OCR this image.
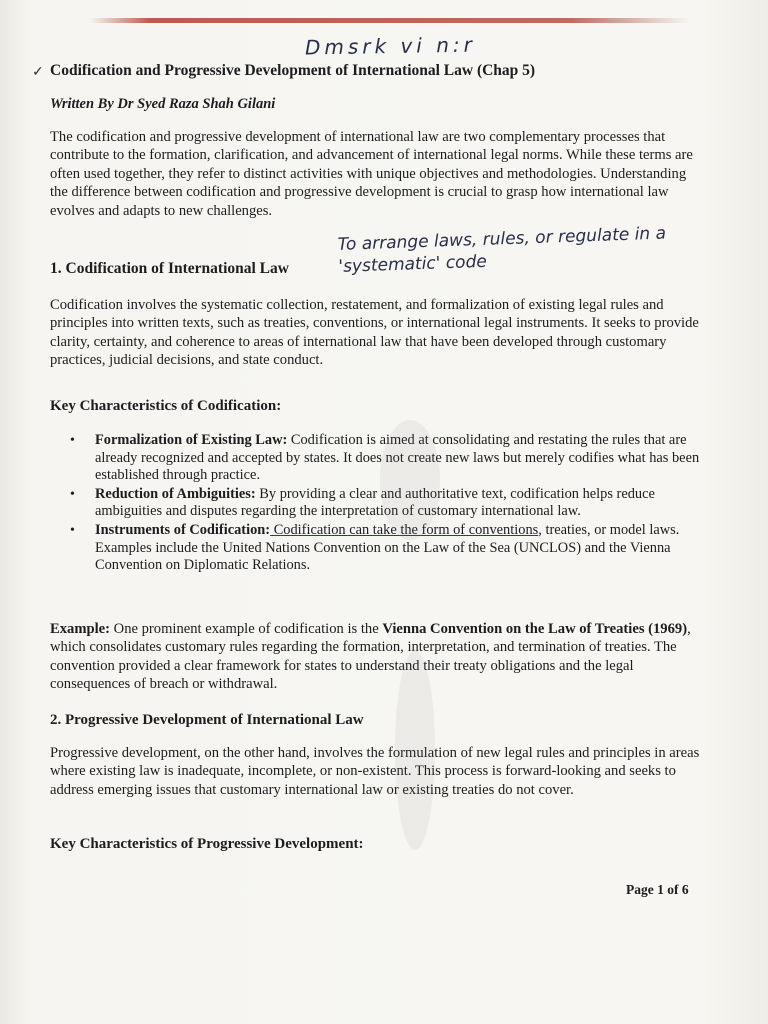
Dmsrk vi n:r
✓ Codification and Progressive Development of International Law (Chap 5)
Written By Dr Syed Raza Shah Gilani
The codification and progressive development of international law are two complementary processes that contribute to the formation, clarification, and advancement of international legal norms. While these terms are often used together, they refer to distinct activities with unique objectives and methodologies. Understanding the difference between codification and progressive development is crucial to grasp how international law evolves and adapts to new challenges.
1. Codification of International Law
To arrange laws, rules, or regulate in a 'systematic' code
Codification involves the systematic collection, restatement, and formalization of existing legal rules and principles into written texts, such as treaties, conventions, or international legal instruments. It seeks to provide clarity, certainty, and coherence to areas of international law that have been developed through customary practices, judicial decisions, and state conduct.
Key Characteristics of Codification:
• Formalization of Existing Law: Codification is aimed at consolidating and restating the rules that are already recognized and accepted by states. It does not create new laws but merely codifies what has been established through practice.
• Reduction of Ambiguities: By providing a clear and authoritative text, codification helps reduce ambiguities and disputes regarding the interpretation of customary international law.
• Instruments of Codification: Codification can take the form of conventions, treaties, or model laws. Examples include the United Nations Convention on the Law of the Sea (UNCLOS) and the Vienna Convention on Diplomatic Relations.
Example: One prominent example of codification is the Vienna Convention on the Law of Treaties (1969), which consolidates customary rules regarding the formation, interpretation, and termination of treaties. The convention provided a clear framework for states to understand their treaty obligations and the legal consequences of breach or withdrawal.
2. Progressive Development of International Law
Progressive development, on the other hand, involves the formulation of new legal rules and principles in areas where existing law is inadequate, incomplete, or non-existent. This process is forward-looking and seeks to address emerging issues that customary international law or existing treaties do not cover.
Key Characteristics of Progressive Development:
Page 1 of 6
